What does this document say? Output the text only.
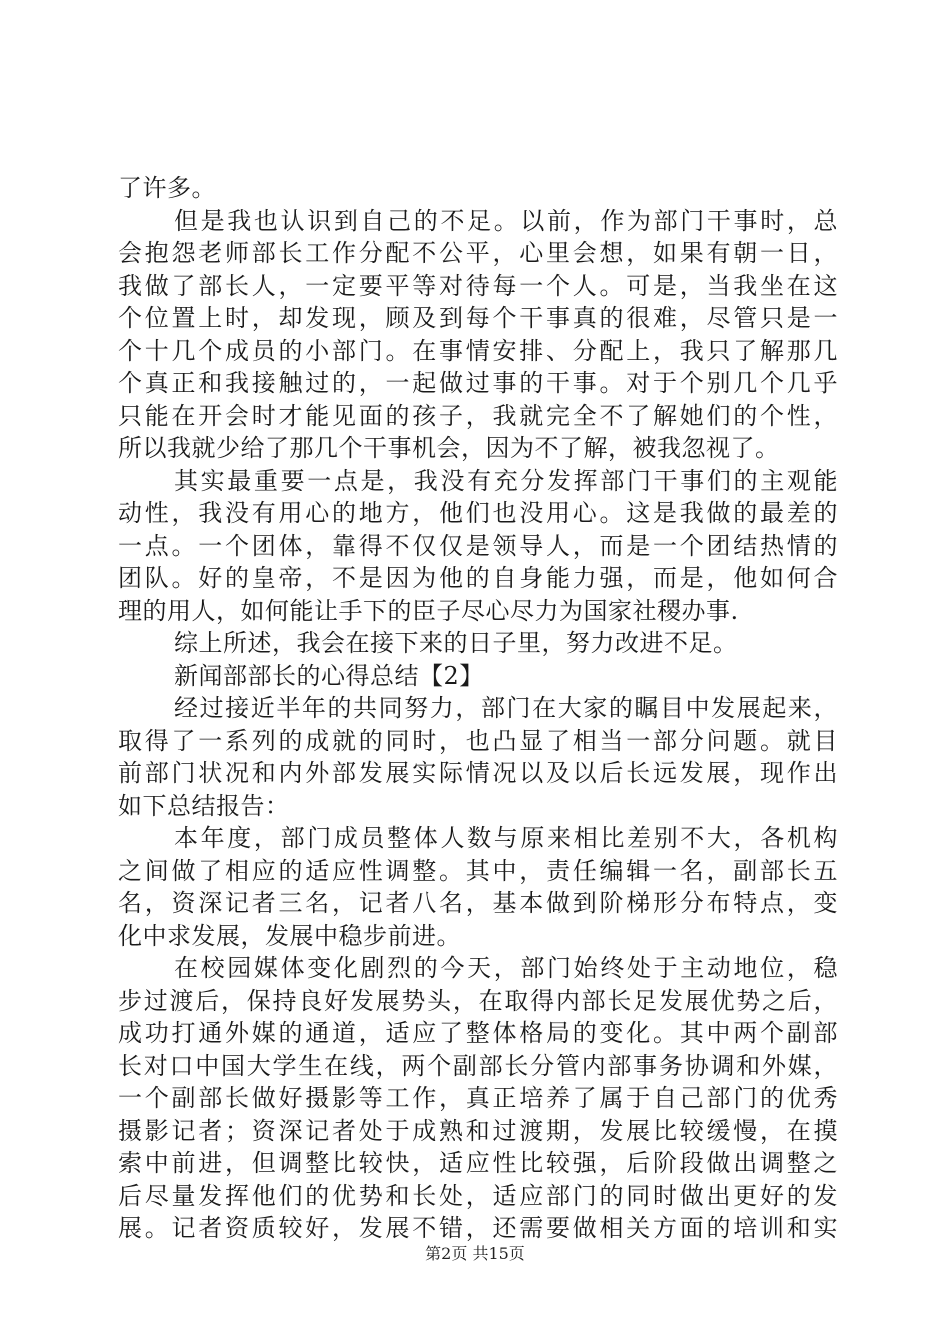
了许多。
但是我也认识到自己的不足。以前，作为部门干事时，总
会抱怨老师部长工作分配不公平，心里会想，如果有朝一日，
我做了部长人，一定要平等对待每一个人。可是，当我坐在这
个位置上时，却发现，顾及到每个干事真的很难，尽管只是一
个十几个成员的小部门。在事情安排、分配上，我只了解那几
个真正和我接触过的，一起做过事的干事。对于个别几个几乎
只能在开会时才能见面的孩子，我就完全不了解她们的个性，
所以我就少给了那几个干事机会，因为不了解，被我忽视了。
其实最重要一点是，我没有充分发挥部门干事们的主观能
动性，我没有用心的地方，他们也没用心。这是我做的最差的
一点。一个团体，靠得不仅仅是领导人，而是一个团结热情的
团队。好的皇帝，不是因为他的自身能力强，而是，他如何合
理的用人，如何能让手下的臣子尽心尽力为国家社稷办事.
综上所述，我会在接下来的日子里，努力改进不足。
新闻部部长的心得总结【2】
经过接近半年的共同努力，部门在大家的瞩目中发展起来，
取得了一系列的成就的同时，也凸显了相当一部分问题。就目
前部门状况和内外部发展实际情况以及以后长远发展，现作出
如下总结报告：
本年度，部门成员整体人数与原来相比差别不大，各机构
之间做了相应的适应性调整。其中，责任编辑一名，副部长五
名，资深记者三名，记者八名，基本做到阶梯形分布特点，变
化中求发展，发展中稳步前进。
在校园媒体变化剧烈的今天，部门始终处于主动地位，稳
步过渡后，保持良好发展势头，在取得内部长足发展优势之后，
成功打通外媒的通道，适应了整体格局的变化。其中两个副部
长对口中国大学生在线，两个副部长分管内部事务协调和外媒，
一个副部长做好摄影等工作，真正培养了属于自己部门的优秀
摄影记者；资深记者处于成熟和过渡期，发展比较缓慢，在摸
索中前进，但调整比较快，适应性比较强，后阶段做出调整之
后尽量发挥他们的优势和长处，适应部门的同时做出更好的发
展。记者资质较好，发展不错，还需要做相关方面的培训和实
第2页 共15页
